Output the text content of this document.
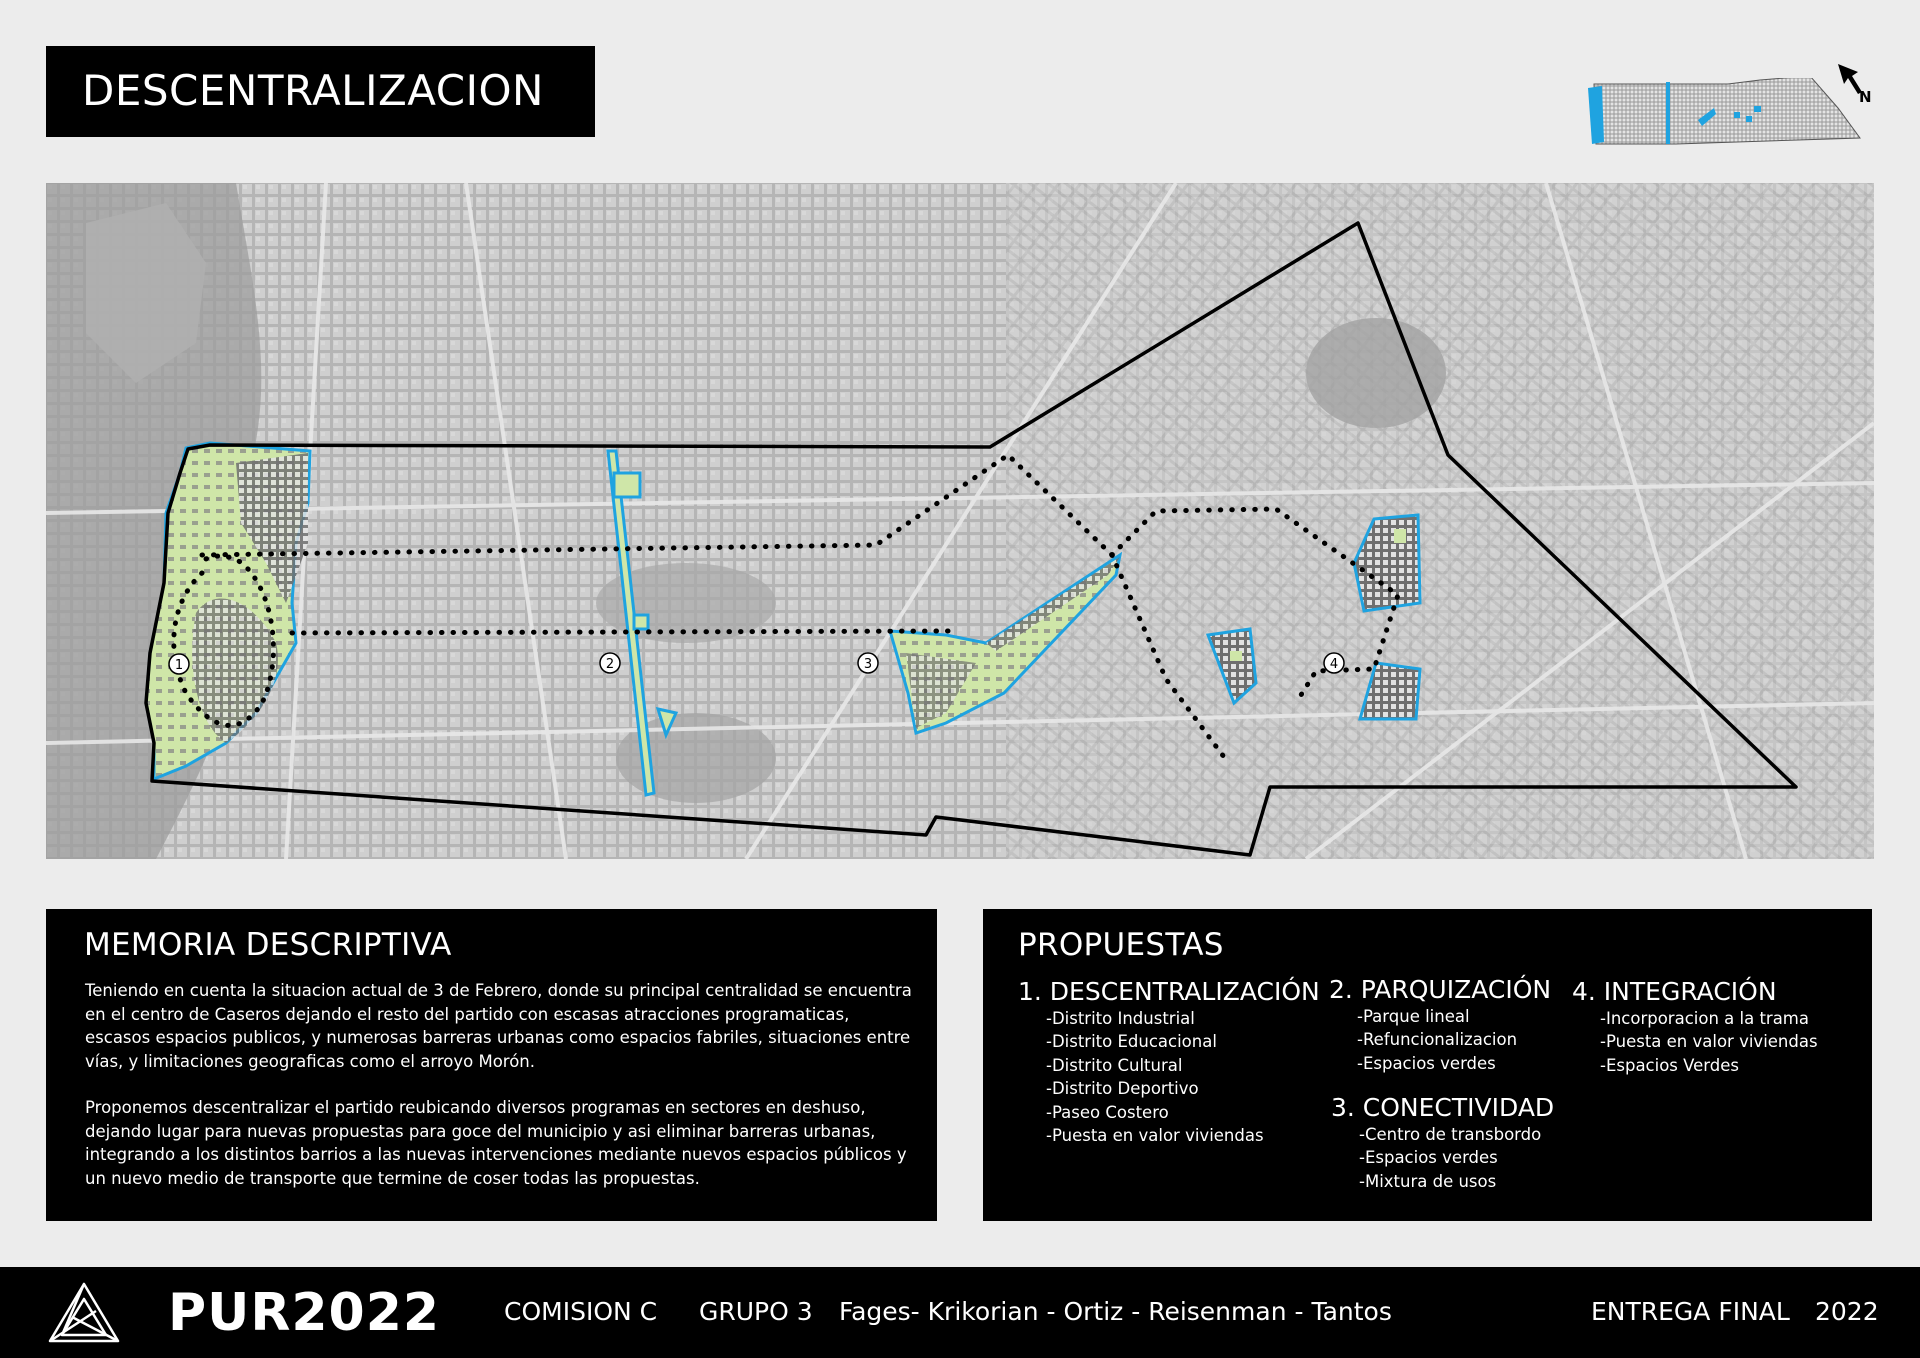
DESCENTRALIZACION	N
1	2	3	4
MEMORIA DESCRIPTIVA

Teniendo en cuenta la situacion actual de 3 de Febrero, donde su principal centralidad se encuentra en el centro de Caseros dejando el resto del partido con escasas atracciones programaticas, escasos espacios publicos, y numerosas barreras urbanas como espacios fabriles, situaciones entre vías, y limitaciones geograficas como el arroyo Morón.

Proponemos descentralizar el partido reubicando diversos programas en sectores en deshuso, dejando lugar para nuevas propuestas para goce del municipio y asi eliminar barreras urbanas, integrando a los distintos barrios a las nuevas intervenciones mediante nuevos espacios públicos y un nuevo medio de transporte que termine de coser todas las propuestas.

PROPUESTAS
1. DESCENTRALIZACIÓN
-Distrito Industrial
-Distrito Educacional
-Distrito Cultural
-Distrito Deportivo
-Paseo Costero
-Puesta en valor viviendas
2. PARQUIZACIÓN
-Parque lineal
-Refuncionalizacion
-Espacios verdes
3. CONECTIVIDAD
-Centro de transbordo
-Espacios verdes
-Mixtura de usos
4. INTEGRACIÓN
-Incorporacion a la trama
-Puesta en valor viviendas
-Espacios Verdes
PUR2022	COMISION C GRUPO 3 Fages- Krikorian - Ortiz - Reisenman - Tantos	ENTREGA FINAL 2022
